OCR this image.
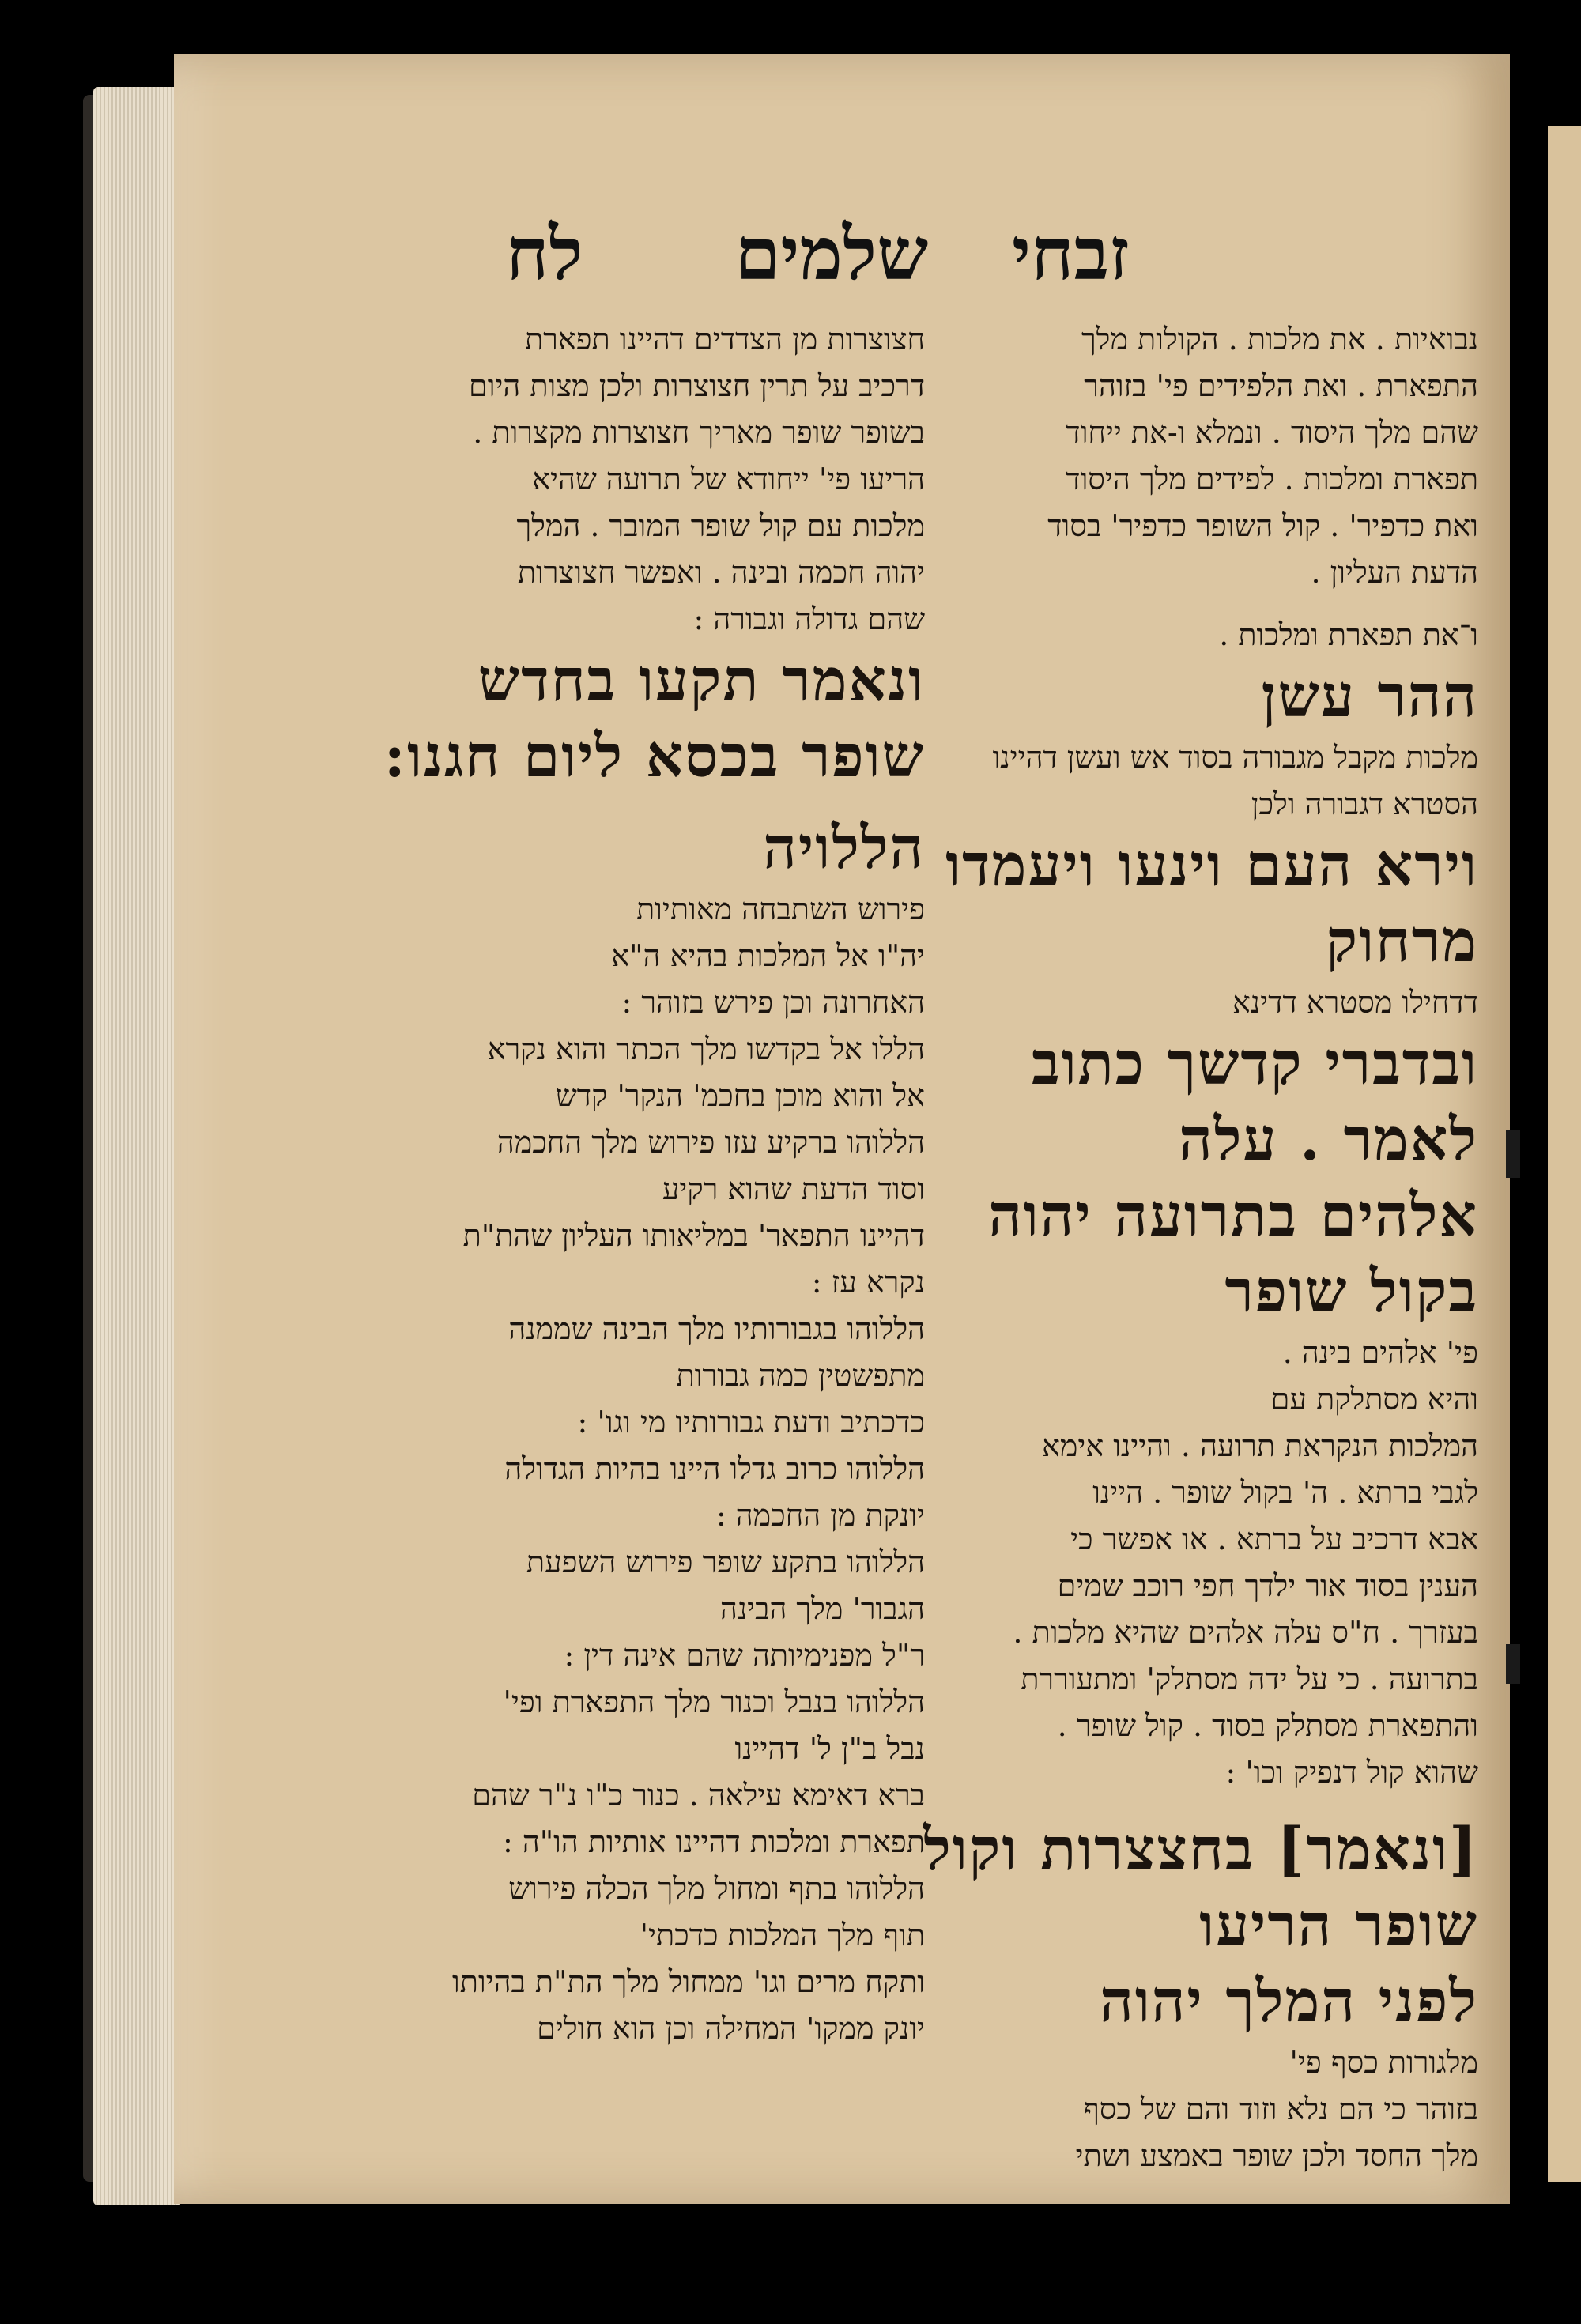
זבחי
שלמים
לח
נבואיות . את מלכות . הקולות מלך
התפארת . ואת הלפידים פי' בזוהר
שהם מלך היסוד . ונמלא ו-את ייחוד
תפארת ומלכות . לפידים מלך היסוד
ואת כדפיר' . קול השופר כדפיר' בסוד
הדעת העליון .
ו־את תפארת ומלכות .
ההר עשן
מלכות מקבל מגבורה בסוד אש ועשן דהיינו
הסטרא דגבורה ולכן
וירא העם וינעו ויעמדו
מרחוק
דדחילו מסטרא דדינא
ובדברי קדשך כתוב
לאמר . עלה
אלהים בתרועה יהוה
בקול שופר
פי' אלהים בינה .
והיא מסתלקת עם
המלכות הנקראת תרועה . והיינו אימא
לגבי ברתא . ה' בקול שופר . היינו
אבא דרכיב על ברתא . או אפשר כי
הענין בסוד אור ילדך חפי רוכב שמים
בעזרך . ח"ס עלה אלהים שהיא מלכות .
בתרועה . כי על ידה מסתלק' ומתעוררת
והתפארת מסתלק בסוד . קול שופר .
שהוא קול דנפיק וכו' :
[ונאמר] בחצצרות וקול
שופר הריעו
לפני המלך יהוה
מלגורות כסף פי'
בזוהר כי הם נלא וזוד והם של כסף
מלך החסד ולכן שופר באמצע ושתי
חצוצרות מן הצדדים דהיינו תפארת
דרכיב על תרין חצוצרות ולכן מצות היום
בשופר שופר מאריך חצוצרות מקצרות .
הריעו פי' ייחודא של תרועה שהיא
מלכות עם קול שופר המובר . המלך
יהוה חכמה ובינה . ואפשר חצוצרות
שהם גדולה וגבורה :
ונאמר תקעו בחדש
שופר בכסא ליום חגנו:
הללויה
פירוש השתבחה מאותיות
יה"ו אל המלכות בהיא ה"א
האחרונה וכן פירש בזוהר :
הללו אל בקדשו מלך הכתר והוא נקרא
אל והוא מוכן בחכמ' הנקר' קדש
הללוהו ברקיע עזו פירוש מלך החכמה
וסוד הדעת שהוא רקיע
דהיינו התפאר' במליאותו העליון שהת"ת
נקרא עז :
הללוהו בגבורותיו מלך הבינה שממנה
מתפשטין כמה גבורות
כדכתיב ודעת גבורותיו מי וגו' :
הללוהו כרוב גדלו היינו בהיות הגדולה
יונקת מן החכמה :
הללוהו בתקע שופר פירוש השפעת
הגבור' מלך הבינה
ר"ל מפנימיותה שהם אינה דין :
הללוהו בנבל וכנור מלך התפארת ופי'
נבל ב"ן ל' דהיינו
ברא דאימא עילאה . כנור כ"ו נ"ר שהם
תפארת ומלכות דהיינו אותיות הו"ה :
הללוהו בתף ומחול מלך הכלה פירוש
תוף מלך המלכות כדכתי'
ותקח מרים וגו' ממחול מלך הת"ת בהיותו
יונק ממקו' המחילה וכן הוא חולים
